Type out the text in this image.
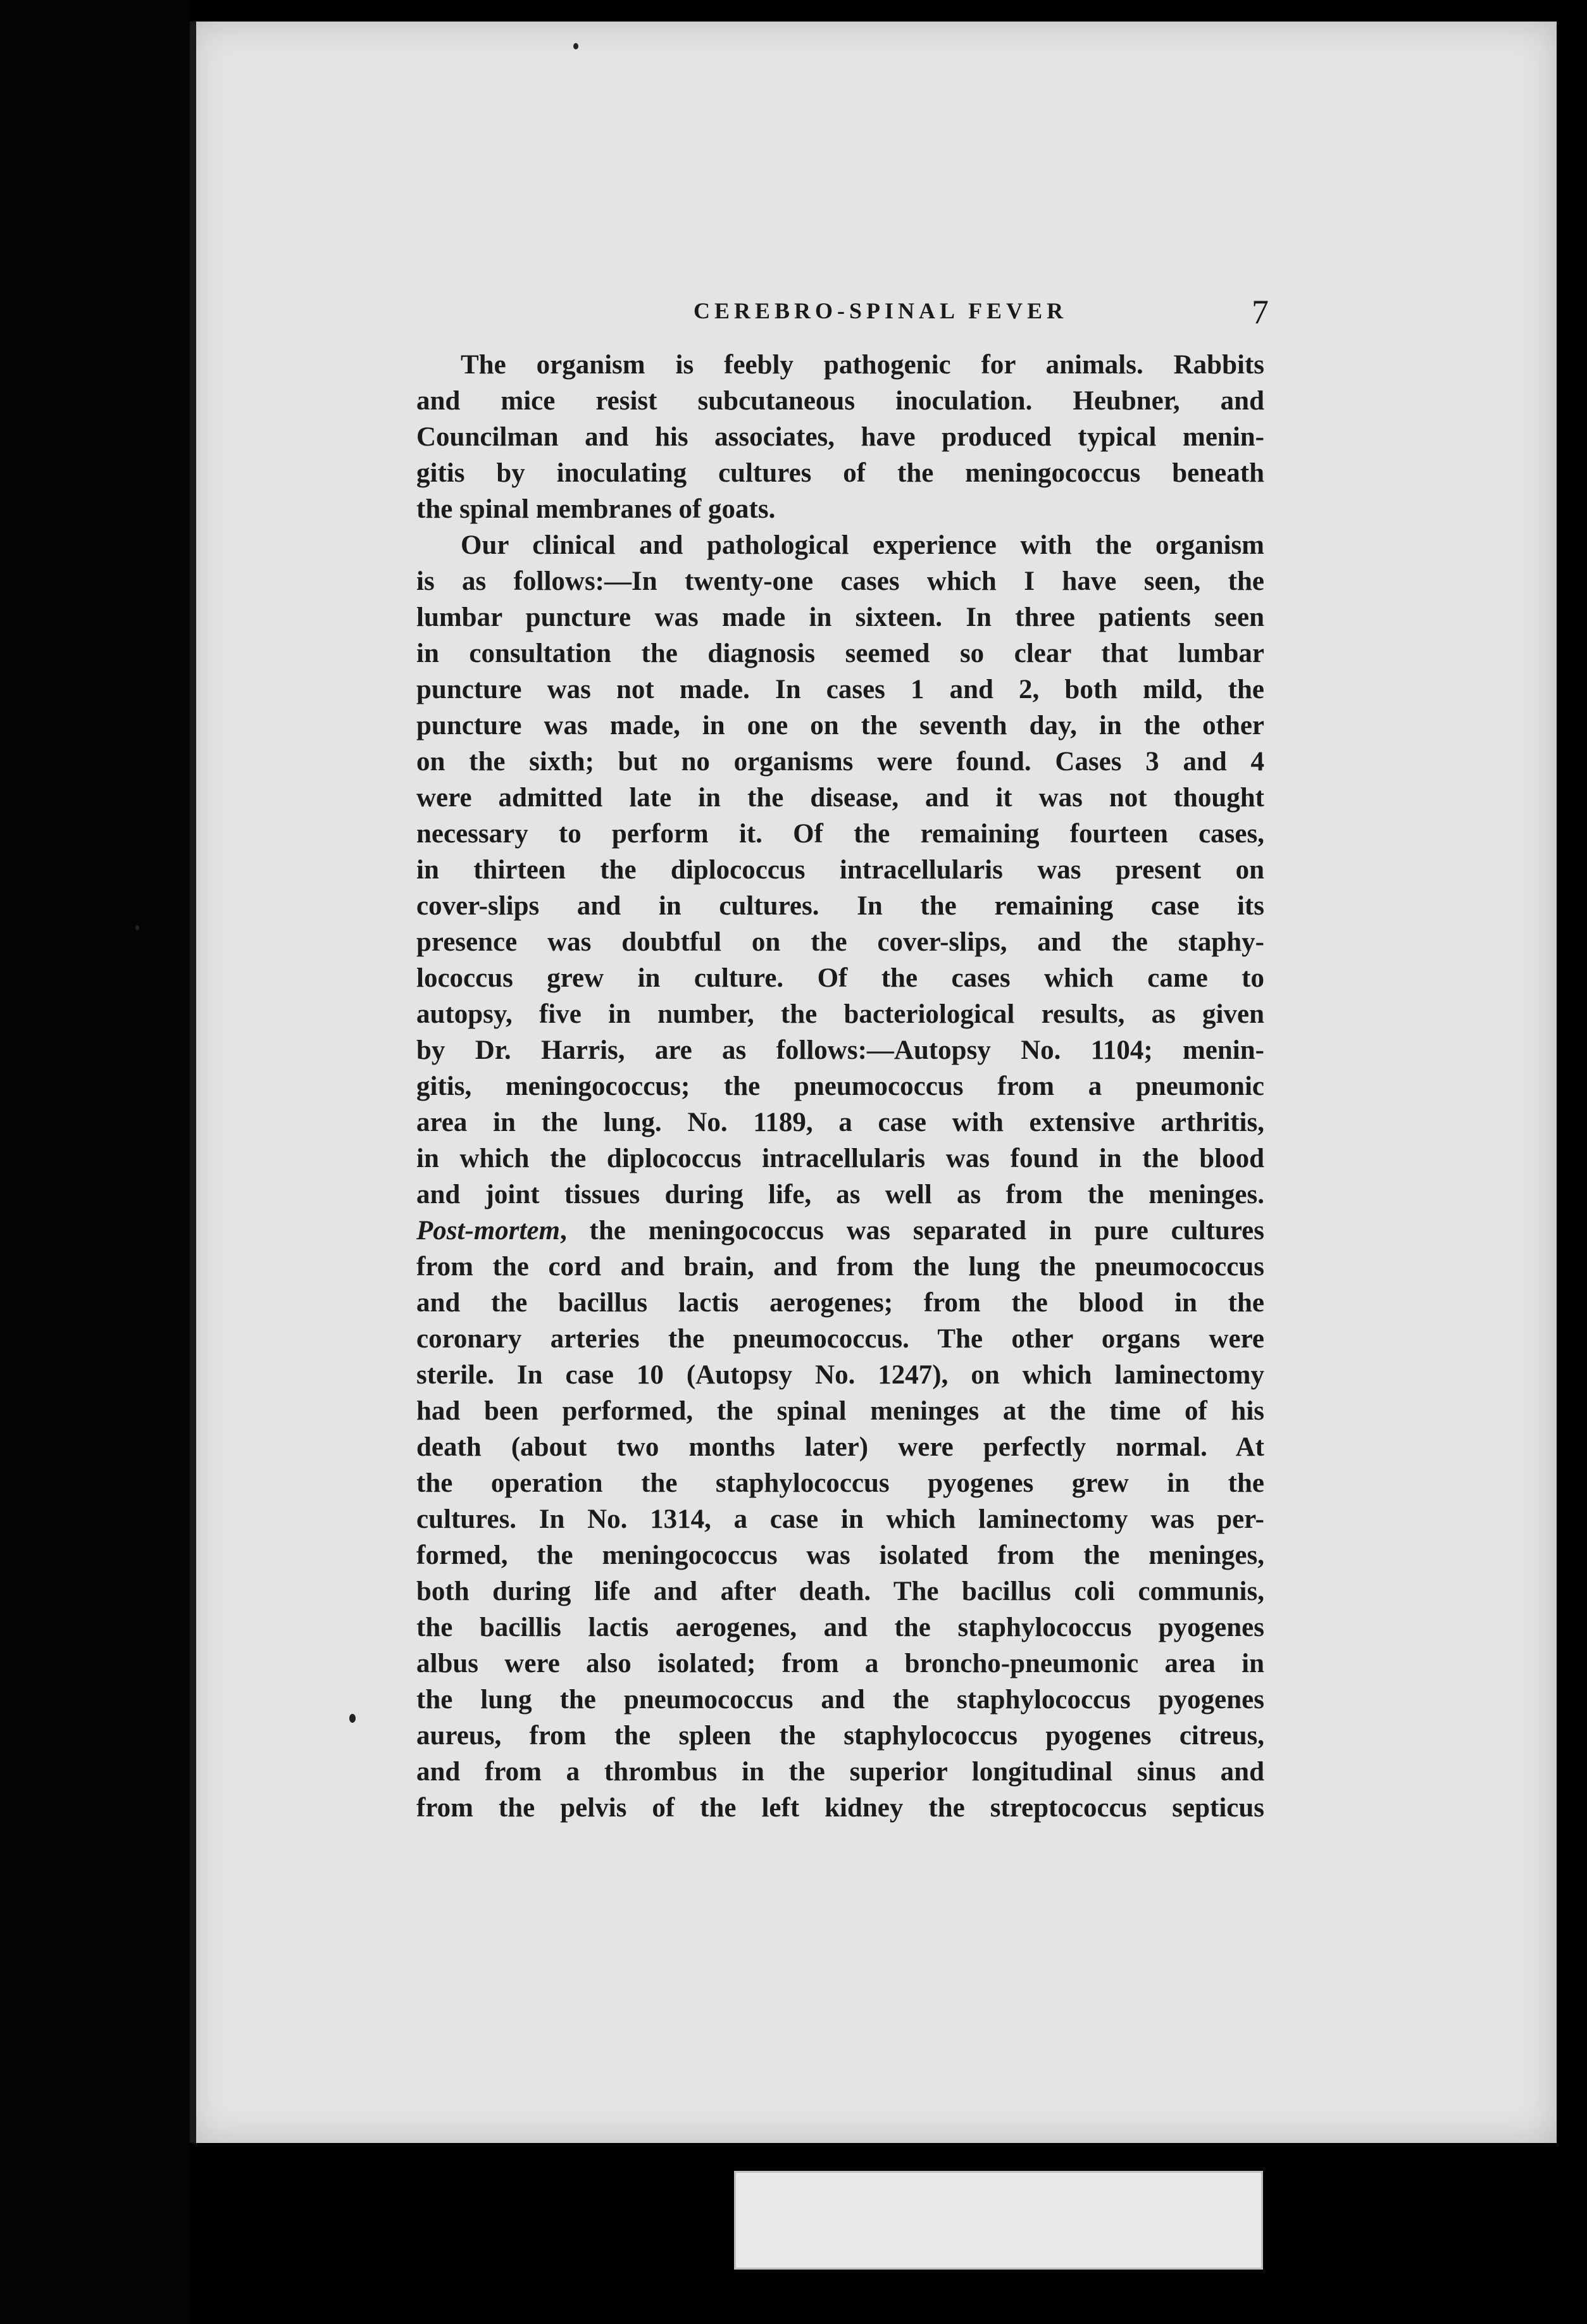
CEREBRO-SPINAL FEVER	7
The organism is feebly pathogenic for animals. Rabbits
and mice resist subcutaneous inoculation. Heubner, and
Councilman and his associates, have produced typical menin-
gitis by inoculating cultures of the meningococcus beneath
the spinal membranes of goats.
Our clinical and pathological experience with the organism
is as follows:—In twenty-one cases which I have seen, the
lumbar puncture was made in sixteen. In three patients seen
in consultation the diagnosis seemed so clear that lumbar
puncture was not made. In cases 1 and 2, both mild, the
puncture was made, in one on the seventh day, in the other
on the sixth; but no organisms were found. Cases 3 and 4
were admitted late in the disease, and it was not thought
necessary to perform it. Of the remaining fourteen cases,
in thirteen the diplococcus intracellularis was present on
cover-slips and in cultures. In the remaining case its
presence was doubtful on the cover-slips, and the staphy-
lococcus grew in culture. Of the cases which came to
autopsy, five in number, the bacteriological results, as given
by Dr. Harris, are as follows:—Autopsy No. 1104; menin-
gitis, meningococcus; the pneumococcus from a pneumonic
area in the lung. No. 1189, a case with extensive arthritis,
in which the diplococcus intracellularis was found in the blood
and joint tissues during life, as well as from the meninges.
Post-mortem, the meningococcus was separated in pure cultures
from the cord and brain, and from the lung the pneumococcus
and the bacillus lactis aerogenes; from the blood in the
coronary arteries the pneumococcus. The other organs were
sterile. In case 10 (Autopsy No. 1247), on which laminectomy
had been performed, the spinal meninges at the time of his
death (about two months later) were perfectly normal. At
the operation the staphylococcus pyogenes grew in the
cultures. In No. 1314, a case in which laminectomy was per-
formed, the meningococcus was isolated from the meninges,
both during life and after death. The bacillus coli communis,
the bacillis lactis aerogenes, and the staphylococcus pyogenes
albus were also isolated; from a broncho-pneumonic area in
the lung the pneumococcus and the staphylococcus pyogenes
aureus, from the spleen the staphylococcus pyogenes citreus,
and from a thrombus in the superior longitudinal sinus and
from the pelvis of the left kidney the streptococcus septicus
